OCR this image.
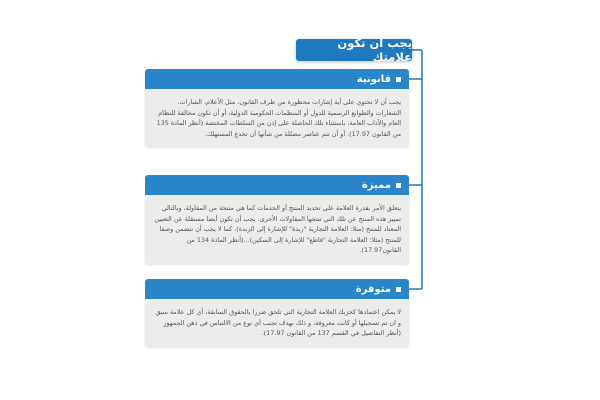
يجب أن تكون علامتك
قانونية
يجب أن لا تحتوي على أية إشارات محظورة من طرف القانون، مثل الأعلام، الشارات، الشعارات والطوابع الرسمية للدول أو المنظمات الحكومية الدولية، أو أن تكون مخالفة للنظام العام والآداب العامة، باستثناء تلك الحاصلة على إذن من السلطات المختصة (أنظر المادة 135 من القانون 17.97). أو أن تتم عناصر مضللة من شأنها أن تخدع المستهلك.
مميزة
يتعلق الأمر بقدرة العلامة على تحديد المنتج أو الخدمات كما هي منتجة من المقاولة، وبالتالي تمييز هذه المنتج عن تلك التي تنتجها المقاولات الأخرى. يجب أن تكون أيضا مستقلة عن التعيين المعتاد للمنتج (مثلا: العلامة التجارية "زبدة" للإشارة إلى الزبدة). كما لا يجب أن تتضمن وصفا للمنتج (مثلا: العلامة التجارية "قاطع" للإشارة إلى السكين)...(أنظر المادة 134 من القانون17.97).
متوفرة
لا يمكن اعتمادها كحزبك العلامة التجارية التي تلحق ضررا بالحقوق السابقة، أي كل علامة سبق و ان تم تسجيلها أو كانت معروفة، و ذلك بهدف تجنب أي نوع من الالتباس في ذهن الجمهور (أنظر التفاصيل في القسم 137 من القانون 17.97).
